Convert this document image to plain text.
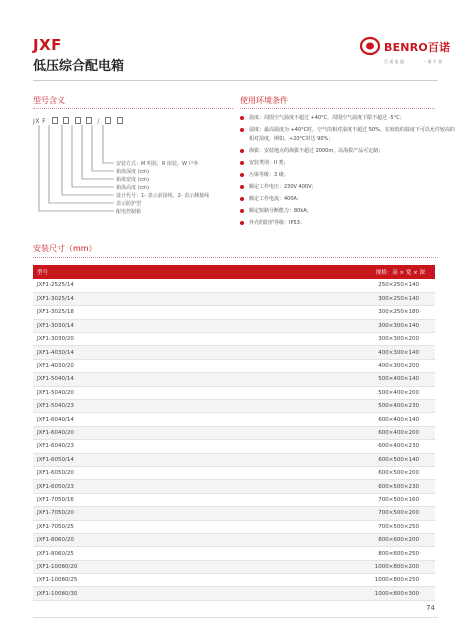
JXF
低压综合配电箱
BENRO百诺
百 诺 电 器	一 诺 千 金
型号含义
JX F	/
安装方式：M 明装，R 嵌装，W 户外
箱体深度 (cm)
箱体宽度 (cm)
箱体高度 (cm)
设计代号：1- 表示前接线、2- 表示侧接线
表示防护型
配电控制箱
使用环境条件
温度：周围空气温度不超过 +40°C，周围空气温度下限不超过 -5°C；
湿度：最高温度为 +40°C时，空气的相对湿度不超过 50%，在较低的温度下可以允许较高的相对湿度，例如，+20°C时达 90%；
海拔：安装地点的海拔不超过 2000m，高海拔产品可定制；
安装类别：II 类；
污染等级：3 级；
额定工作电压：230V 400V；
额定工作电流：400A；
额定短路分断能力：80kA；
外壳的防护等级：IP53；
安装尺寸（mm）
型号	规格：高 × 宽 × 深
JXF1-2525/14	250×250×140
JXF1-3025/14	300×250×140
JXF1-3025/18	300×250×180
JXF1-3030/14	300×300×140
JXF1-3030/20	300×300×200
JXF1-4030/14	400×300×140
JXF1-4030/20	400×300×200
JXF1-5040/14	500×400×140
JXF1-5040/20	500×400×200
JXF1-5040/23	500×400×230
JXF1-6040/14	600×400×140
JXF1-6040/20	600×400×200
JXF1-6040/23	600×400×230
JXF1-6050/14	600×500×140
JXF1-6050/20	600×500×200
JXF1-6050/23	600×500×230
JXF1-7050/16	700×500×160
JXF1-7050/20	700×500×200
JXF1-7050/25	700×500×250
JXF1-8060/20	800×600×200
JXF1-8060/25	800×600×250
JXF1-10080/20	1000×800×200
JXF1-10080/25	1000×800×250
JXF1-10080/30	1000×800×300
74
